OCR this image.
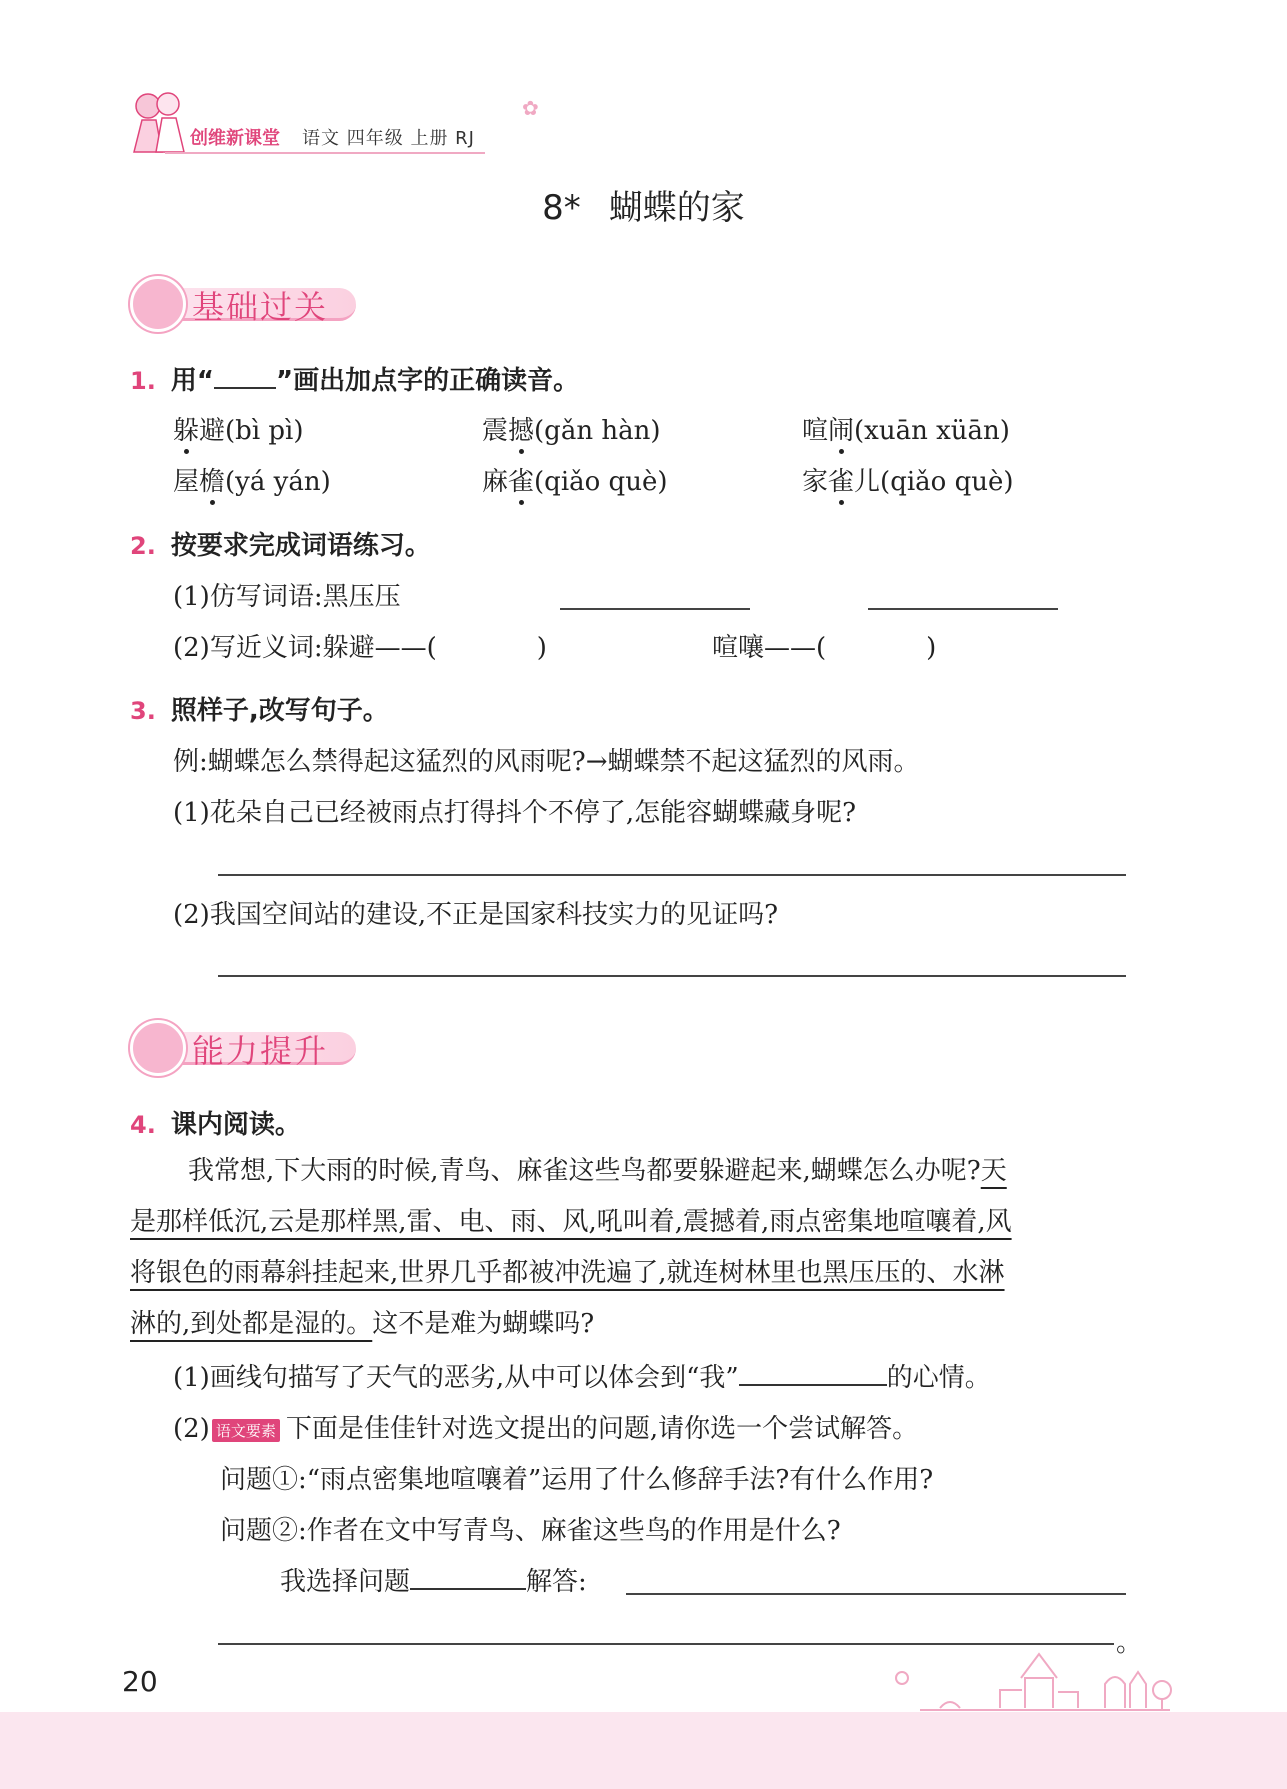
创维新课堂 语文 四年级 上册 RJ
✿
8* 蝴蝶的家
基础过关
1. 用“ ”画出加点字的正确读音。
躲避(bì pì)	震撼(gǎn hàn)	喧闹(xuān xüān)
屋檐(yá yán)	麻雀(qiǎo què)	家雀儿(qiǎo què)
2. 按要求完成词语练习。
(1)仿写词语:黑压压
(2)写近义词:躲避——(	)	喧嚷——(	)
3. 照样子,改写句子。
例:蝴蝶怎么禁得起这猛烈的风雨呢?→蝴蝶禁不起这猛烈的风雨。
(1)花朵自己已经被雨点打得抖个不停了,怎能容蝴蝶藏身呢?
(2)我国空间站的建设,不正是国家科技实力的见证吗?
能力提升
4. 课内阅读。
我常想,下大雨的时候,青鸟、麻雀这些鸟都要躲避起来,蝴蝶怎么办呢?天
是那样低沉,云是那样黑,雷、电、雨、风,吼叫着,震撼着,雨点密集地喧嚷着,风
将银色的雨幕斜挂起来,世界几乎都被冲洗遍了,就连树林里也黑压压的、水淋
淋的,到处都是湿的。这不是难为蝴蝶吗?
(1)画线句描写了天气的恶劣,从中可以体会到“我”	的心情。
(2) 语文要素 下面是佳佳针对选文提出的问题,请你选一个尝试解答。
问题①:“雨点密集地喧嚷着”运用了什么修辞手法?有什么作用?
问题②:作者在文中写青鸟、麻雀这些鸟的作用是什么?
我选择问题	解答:
。
20
